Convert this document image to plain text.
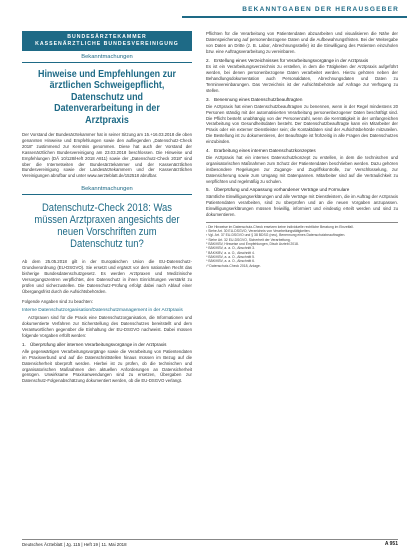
BEKANNTGABEN DER HERAUSGEBER
BUNDESÄRZTEKAMMER
KASSENÄRZTLICHE BUNDESVEREINIGUNG
Bekanntmachungen
Hinweise und Empfehlungen zur ärztlichen Schweigepflicht, Datenschutz und Datenverarbeitung in der Arztpraxis
Der Vorstand der Bundesärztekammer hat in seiner Sitzung am 15.+16.03.2018 die oben genannten Hinweise und Empfehlungen sowie den aufliegenden „Datenschutz-Check 2018“ zustimmend zur Kenntnis genommen. Diese hat auch der Vorstand der Kassenärztlichen Bundesvereinigung am 23.03.2018 beschlossen. Die Hinweise und Empfehlungen (DÄ 10/128/Heft 2018 A811) sowie der „Datenschutz-Check 2018“ sind über die Internetseiten der Bundesärztekammer und der Kassenärztlichen Bundesvereinigung sowie der Landesärztekammern und der Kassenärztlichen Vereinigungen abrufbar und unter www.aerzteblatt.de/152518 abrufbar.
Bekanntmachungen
Datenschutz-Check 2018: Was müssen Arztpraxen angesichts der neuen Vorschriften zum Datenschutz tun?

Ab dem 25.05.2018 gilt in der Europäischen Union die EU-Datenschutz-Grundverordnung (EU-DSGVO). Sie ersetzt und ergänzt vor dem nationalen Recht das bisherige Bundesdatenschutzgesetz. Es werden Arztpraxen und Medizinische Versorgungszentren verpflichtet, den Datenschutz in ihren Einrichtungen verstärkt zu prüfen und sicherzustellen. Die Datenschutz-Prüfung erfolgt dabei nach Ablauf einer Übergangsfrist durch die Aufsichtsbehörden.

Folgende Angaben sind zu beachten:

Interne Datenschutzorganisation/Datenschutzmanagement in der Arztpraxis

Arztpraxen sind für die Praxis eine Datenschutzorganisation, die Informationen und dokumentierte Verfahren zur Sicherstellung des Datenschutzes bereitstellt und dem Verantwortlichen gegenüber die Einhaltung der EU-DSGVO nachweist. Dabei müssen folgende Vorgaben erfüllt werden:

1. Überprüfung aller internen Verarbeitungsvorgänge in der Arztpraxis

Alle gegenwärtigen Verarbeitungsvorgänge sowie die Verarbeitung von Patientendaten im Praxisverbund und auf die Datenschnittstellen hinaus müssen im Bezug auf die Datensicherheit überprüft werden. Hierbei ist zu prüfen, ob die technischen und organisatorischen Maßnahmen den aktuellen Anforderungen an Datensicherheit genügen. Unwirksame Praxisanwendungen sind zu ersetzen, Übergaben zur Datenschutz-Folgenabschätzung dokumentiert werden, ob die EU-DSGVO verlangt.

Pflichten für die Verarbeitung von Patientendaten abzuarbeiten und visualisieren die Nähe der Datenspeicherung auf personenbezogene Daten und die Aufbewahrungsfristen. Bei der Weitergabe von Daten an Dritte (z. B. Labor, Abrechnungsstelle) ist die Einwilligung des Patienten einzuholen bzw. eine Auftragsverarbeitung zu vereinbaren.

2. Erstellung eines Verzeichnisses für Verarbeitungsvorgänge in der Arztpraxis

Es ist ein Verarbeitungsverzeichnis zu erstellen, in dem die Tätigkeiten der Arztpraxis aufgeführt werden, bei denen personenbezogene Daten verarbeitet werden. Hierzu gehören neben der Behandlungsdokumentation auch Personaldaten, Abrechnungsdaten und Daten zu Terminvereinbarungen. Das Verzeichnis ist der Aufsichtsbehörde auf Anfrage zur Verfügung zu stellen.

3. Benennung eines Datenschutzbeauftragten

Die Arztpraxis hat einen Datenschutzbeauftragten zu benennen, wenn in der Regel mindestens 20 Personen ständig mit der automatisierten Verarbeitung personenbezogener Daten beschäftigt sind. Die Pflicht besteht unabhängig von der Personenzahl, wenn die Kerntätigkeit in der umfangreichen Verarbeitung von Gesundheitsdaten besteht. Der Datenschutzbeauftragte kann ein Mitarbeiter der Praxis oder ein externer Dienstleister sein; die Kontaktdaten sind der Aufsichtsbehörde mitzuteilen. Die Bestellung ist zu dokumentieren, der Beauftragte ist frühzeitig in alle Fragen des Datenschutzes einzubinden.

4. Erarbeitung eines internen Datenschutzkonzeptes

Die Arztpraxis hat ein internes Datenschutzkonzept zu erstellen, in dem die technischen und organisatorischen Maßnahmen zum Schutz der Patientendaten beschrieben werden. Dazu gehören insbesondere Regelungen zur Zugangs- und Zugriffskontrolle, zur Verschlüsselung, zur Datensicherung sowie zum Umgang mit Datenpannen. Mitarbeiter sind auf die Vertraulichkeit zu verpflichten und regelmäßig zu schulen.

5. Überprüfung und Anpassung vorhandener Verträge und Formulare

Sämtliche Einwilligungserklärungen und alle Verträge mit Dienstleistern, die im Auftrag der Arztpraxis Patientendaten verarbeiten, sind zu überprüfen und an die neuen Vorgaben anzupassen. Einwilligungserklärungen müssen freiwillig, informiert und eindeutig erteilt werden und sind zu dokumentieren.

¹ Die Hinweise im Datenschutz-Check ersetzen keine individuelle rechtliche Beratung im Einzelfall.
² Siehe Art. 30 EU-DSGVO, Verzeichnis von Verarbeitungstätigkeiten.
³ Vgl. Art. 37 EU-DSGVO und § 38 BDSG (neu), Benennung eines Datenschutzbeauftragten.
⁴ Siehe Art. 32 EU-DSGVO, Sicherheit der Verarbeitung.
⁵ BÄK/KBV, Hinweise und Empfehlungen, Dtsch Arztebl 2018.
⁶ BÄK/KBV, a. a. O., Abschnitt 3.
⁷ BÄK/KBV, a. a. O., Abschnitt 4.
⁸ BÄK/KBV, a. a. O., Abschnitt 5.
⁹ BÄK/KBV, a. a. O., Abschnitt 6.
¹⁰ Datenschutz-Check 2018, Anlage.
Deutsches Ärzteblatt | Jg. 115 | Heft 19 | 11. Mai 2018	A 951
